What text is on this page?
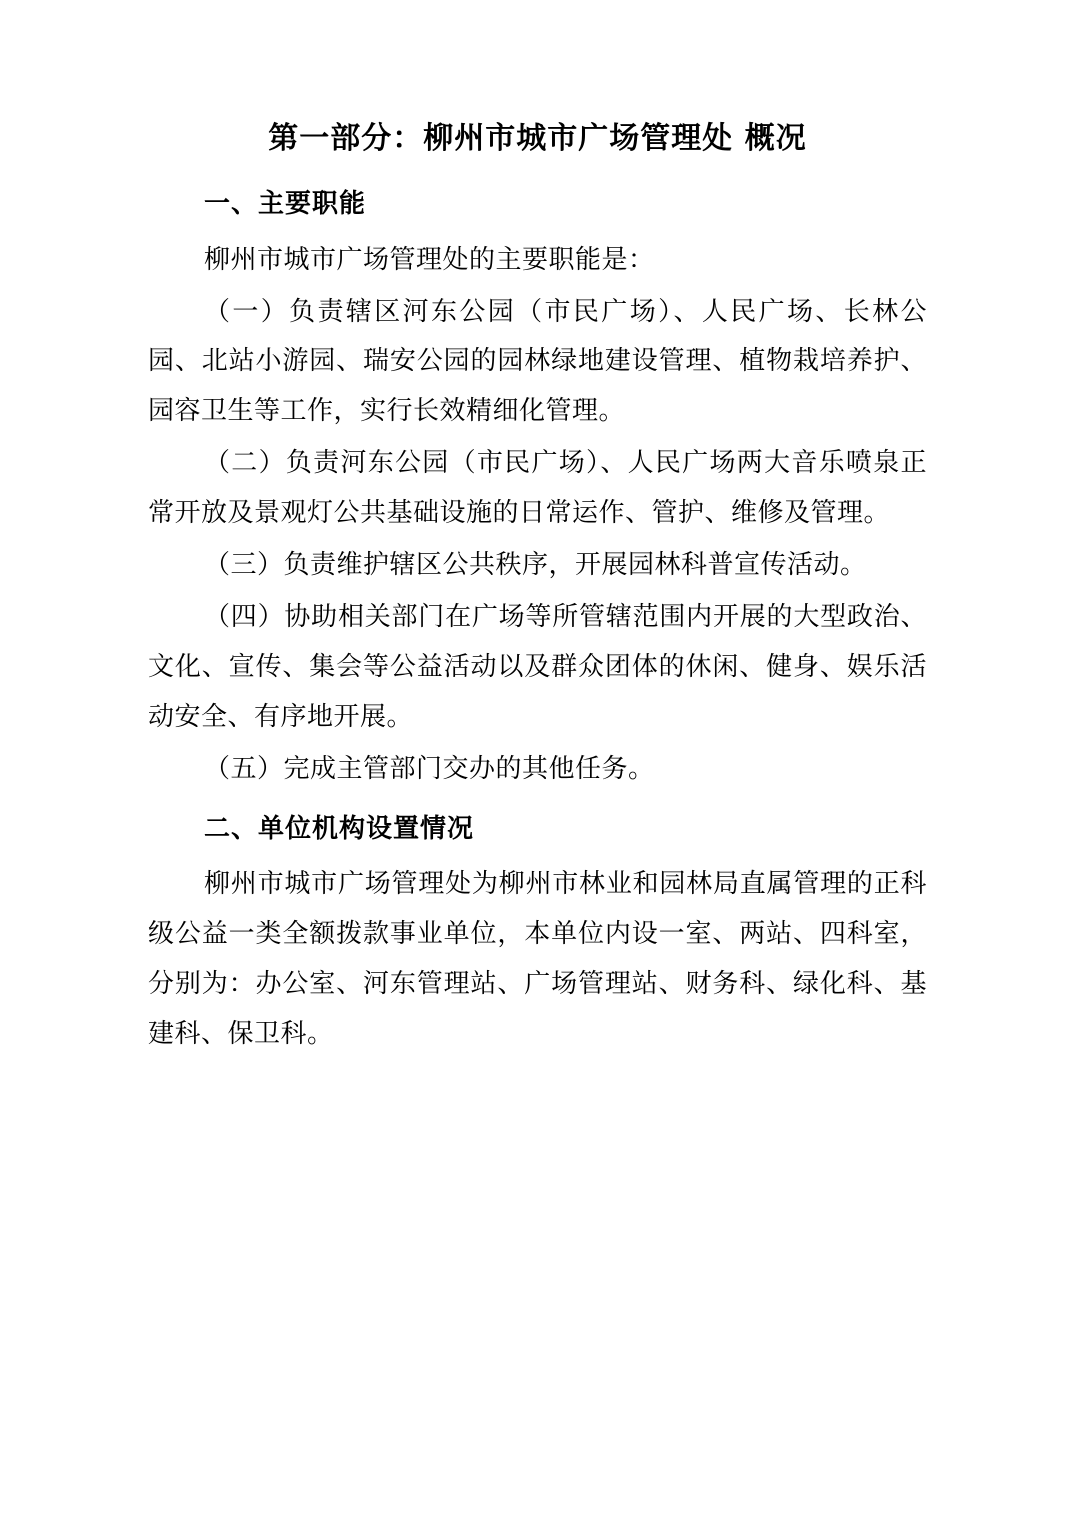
第一部分：柳州市城市广场管理处 概况
一、主要职能

柳州市城市广场管理处的主要职能是：

（一）负责辖区河东公园（市民广场）、人民广场、长林公园、北站小游园、瑞安公园的园林绿地建设管理、植物栽培养护、园容卫生等工作，实行长效精细化管理。

（二）负责河东公园（市民广场）、人民广场两大音乐喷泉正常开放及景观灯公共基础设施的日常运作、管护、维修及管理。

（三）负责维护辖区公共秩序，开展园林科普宣传活动。

（四）协助相关部门在广场等所管辖范围内开展的大型政治、文化、宣传、集会等公益活动以及群众团体的休闲、健身、娱乐活动安全、有序地开展。

（五）完成主管部门交办的其他任务。

二、单位机构设置情况

柳州市城市广场管理处为柳州市林业和园林局直属管理的正科级公益一类全额拨款事业单位，本单位内设一室、两站、四科室，分别为：办公室、河东管理站、广场管理站、财务科、绿化科、基建科、保卫科。
